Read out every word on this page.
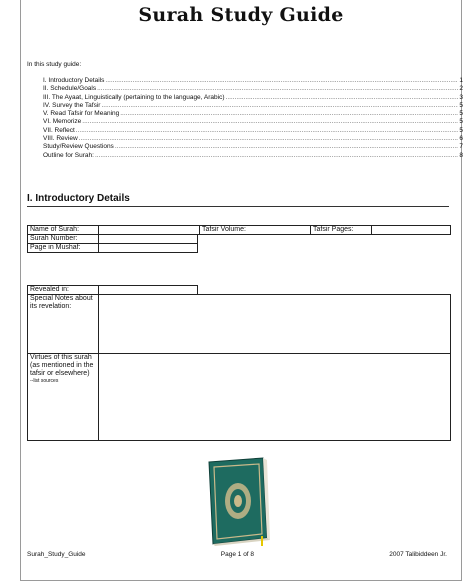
Surah Study Guide
In this study guide:
I. Introductory Details .....	1
II. Schedule/Goals .....	2
III. The Ayaat, Linguistically (pertaining to the language, Arabic) .....	3
IV. Survey the Tafsir .....	5
V. Read Tafsir for Meaning .....	5
VI. Memorize .....	5
VII. Reflect .....	5
VIII. Review .....	6
Study/Review Questions .....	7
Outline for Surah: .....	8
I. Introductory Details
Name of Surah:		Tafsir Volume:	Tafsir Pages:	
Surah Number:	
Page in Mushaf:	
Revealed in:	
Special Notes about its revelation:	

Virtues of this surah (as mentioned in the tafsir or elsewhere)
--list sources	

Surah_Study_Guide	Page 1 of 8	2007 Talibiddeen Jr.
